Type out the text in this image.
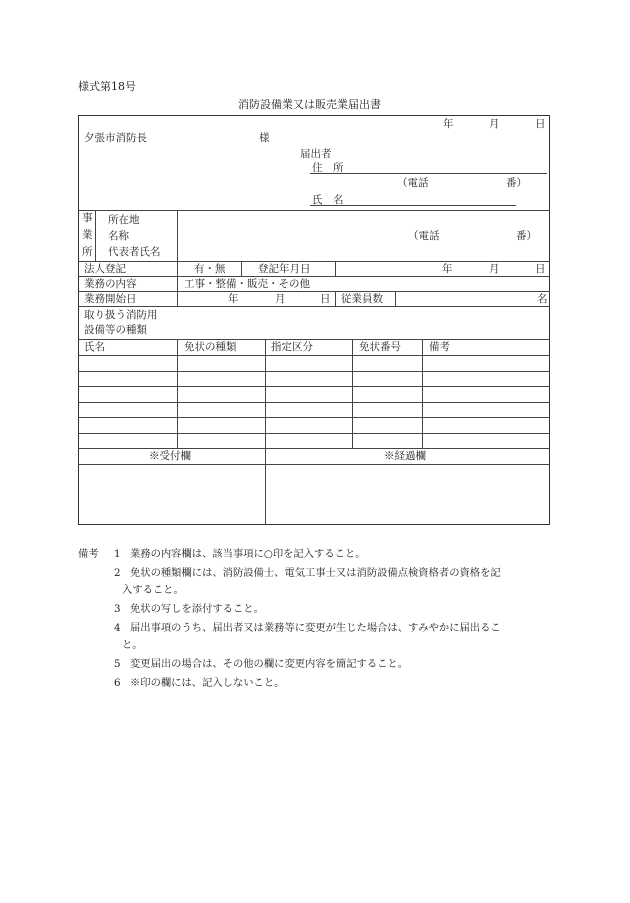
様式第18号
消防設備業又は販売業届出書
年	月	日
夕張市消防長	様
届出者
住　所
（電話	番）
氏　名
事
業
所
所在地
名称
代表者氏名
（電話	番）
法人登記	有・無	登記年月日	年	月	日
業務の内容	工事・整備・販売・その他
業務開始日	年	月	日 従業員数	名
取り扱う消防用
設備等の種類
氏名	免状の種類	指定区分	免状番号	備考
※受付欄	※経過欄
備考 1 業務の内容欄は、該当事項に○印を記入すること。
2 免状の種類欄には、消防設備士、電気工事士又は消防設備点検資格者の資格を記
入すること。
3 免状の写しを添付すること。
4 届出事項のうち、届出者又は業務等に変更が生じた場合は、すみやかに届出るこ
と。
5 変更届出の場合は、その他の欄に変更内容を簡記すること。
6 ※印の欄には、記入しないこと。
